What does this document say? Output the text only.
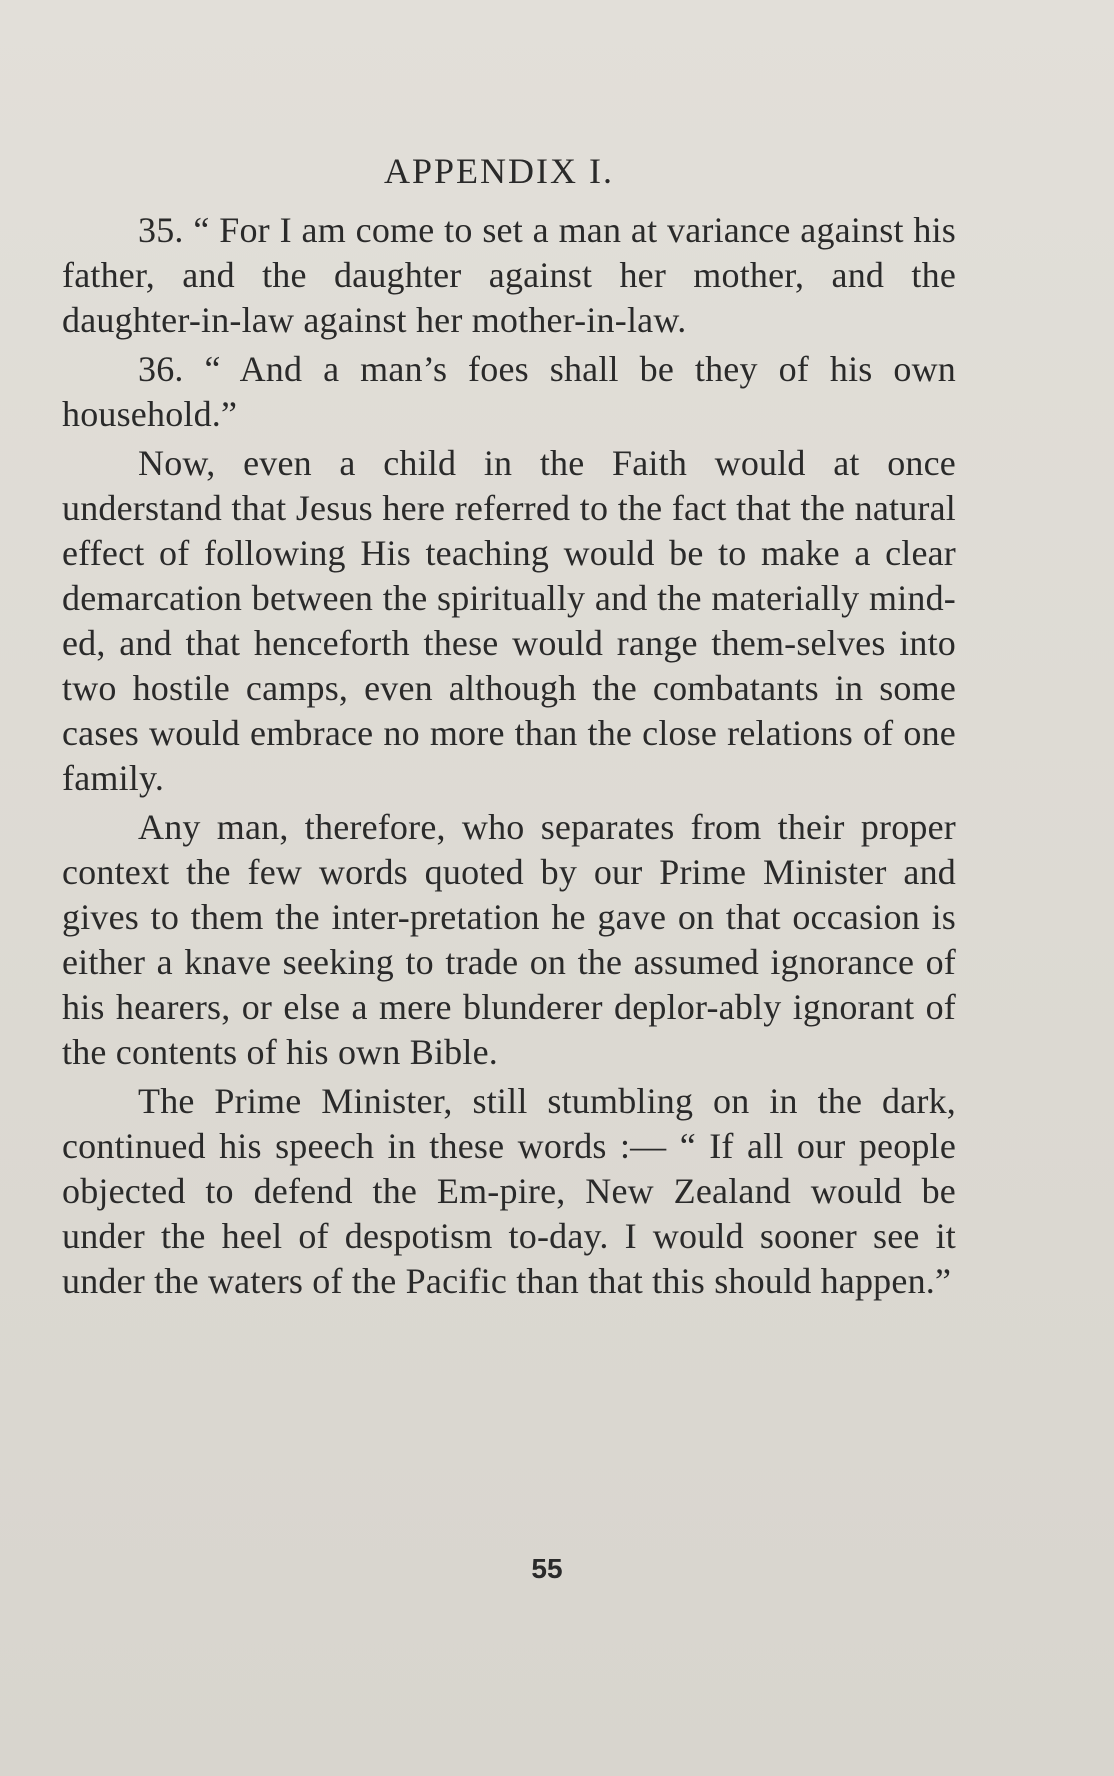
APPENDIX I.

35. “ For I am come to set a man at variance against his father, and the daughter against her mother, and the daughter-in-law against her mother-in-law.

36. “ And a man’s foes shall be they of his own household.”

Now, even a child in the Faith would at once understand that Jesus here referred to the fact that the natural effect of following His teaching would be to make a clear demarcation between the spiritually and the materially mind-ed, and that henceforth these would range them-selves into two hostile camps, even although the combatants in some cases would embrace no more than the close relations of one family.

Any man, therefore, who separates from their proper context the few words quoted by our Prime Minister and gives to them the inter-pretation he gave on that occasion is either a knave seeking to trade on the assumed ignorance of his hearers, or else a mere blunderer deplor-ably ignorant of the contents of his own Bible.

The Prime Minister, still stumbling on in the dark, continued his speech in these words :— “ If all our people objected to defend the Em-pire, New Zealand would be under the heel of despotism to-day. I would sooner see it under the waters of the Pacific than that this should happen.”

55
